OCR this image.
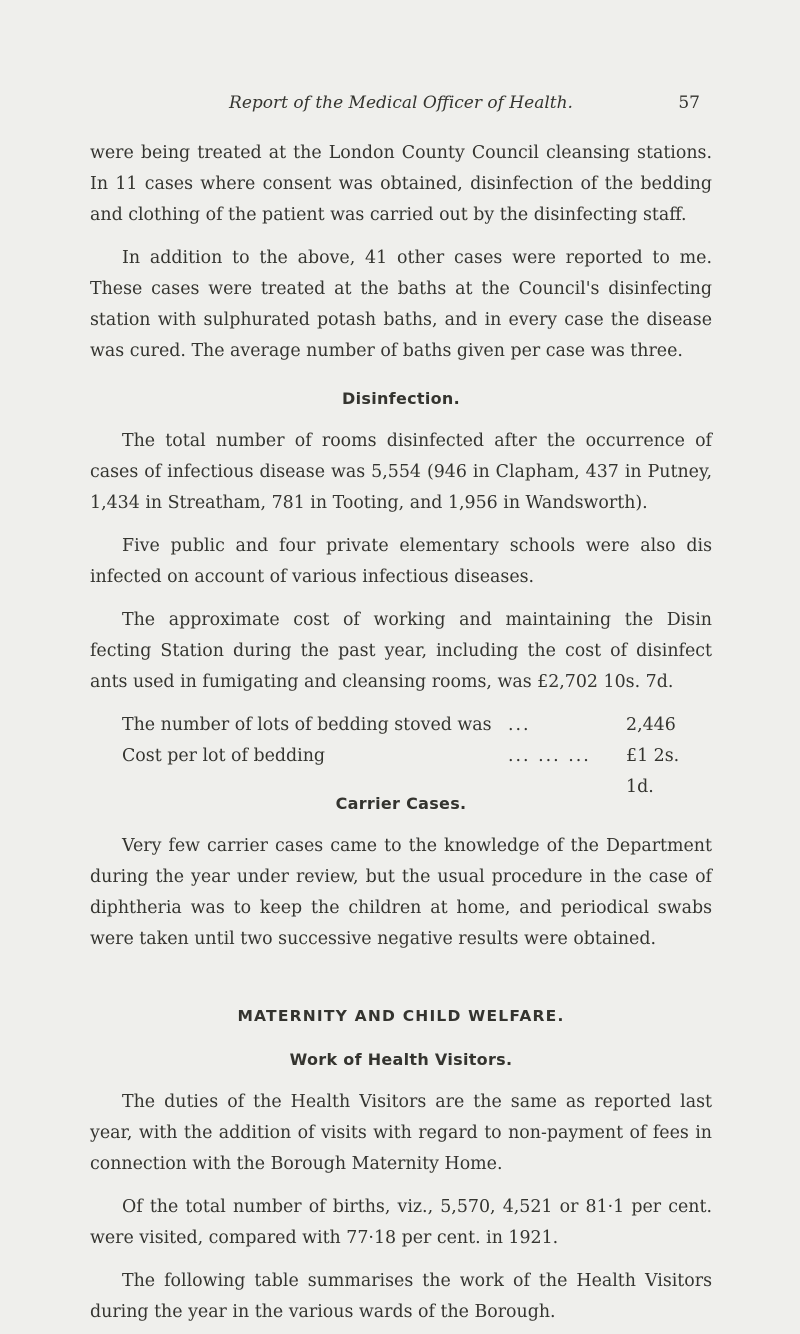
Report of the Medical Officer of Health.	57

were being treated at the London County Council cleansing stations. In 11 cases where consent was obtained, disinfection of the bedding and clothing of the patient was carried out by the disinfecting staff.

In addition to the above, 41 other cases were reported to me. These cases were treated at the baths at the Council's disinfecting station with sulphurated potash baths, and in every case the disease was cured. The average number of baths given per case was three.

Disinfection.

The total number of rooms disinfected after the occurrence of cases of infectious disease was 5,554 (946 in Clapham, 437 in Putney, 1,434 in Streatham, 781 in Tooting, and 1,956 in Wandsworth).

Five public and four private elementary schools were also dis infected on account of various infectious diseases.

The approximate cost of working and maintaining the Disin fecting Station during the past year, including the cost of disinfect ants used in fumigating and cleansing rooms, was £2,702 10s. 7d.

The number of lots of bedding stoved was ...	2,446
Cost per lot of bedding	... ... ...	£1 2s. 1d.
Carrier Cases.

Very few carrier cases came to the knowledge of the Department during the year under review, but the usual procedure in the case of diphtheria was to keep the children at home, and periodical swabs were taken until two successive negative results were obtained.

MATERNITY AND CHILD WELFARE.
Work of Health Visitors.

The duties of the Health Visitors are the same as reported last year, with the addition of visits with regard to non-payment of fees in connection with the Borough Maternity Home.

Of the total number of births, viz., 5,570, 4,521 or 81·1 per cent. were visited, compared with 77·18 per cent. in 1921.

The following table summarises the work of the Health Visitors during the year in the various wards of the Borough.
